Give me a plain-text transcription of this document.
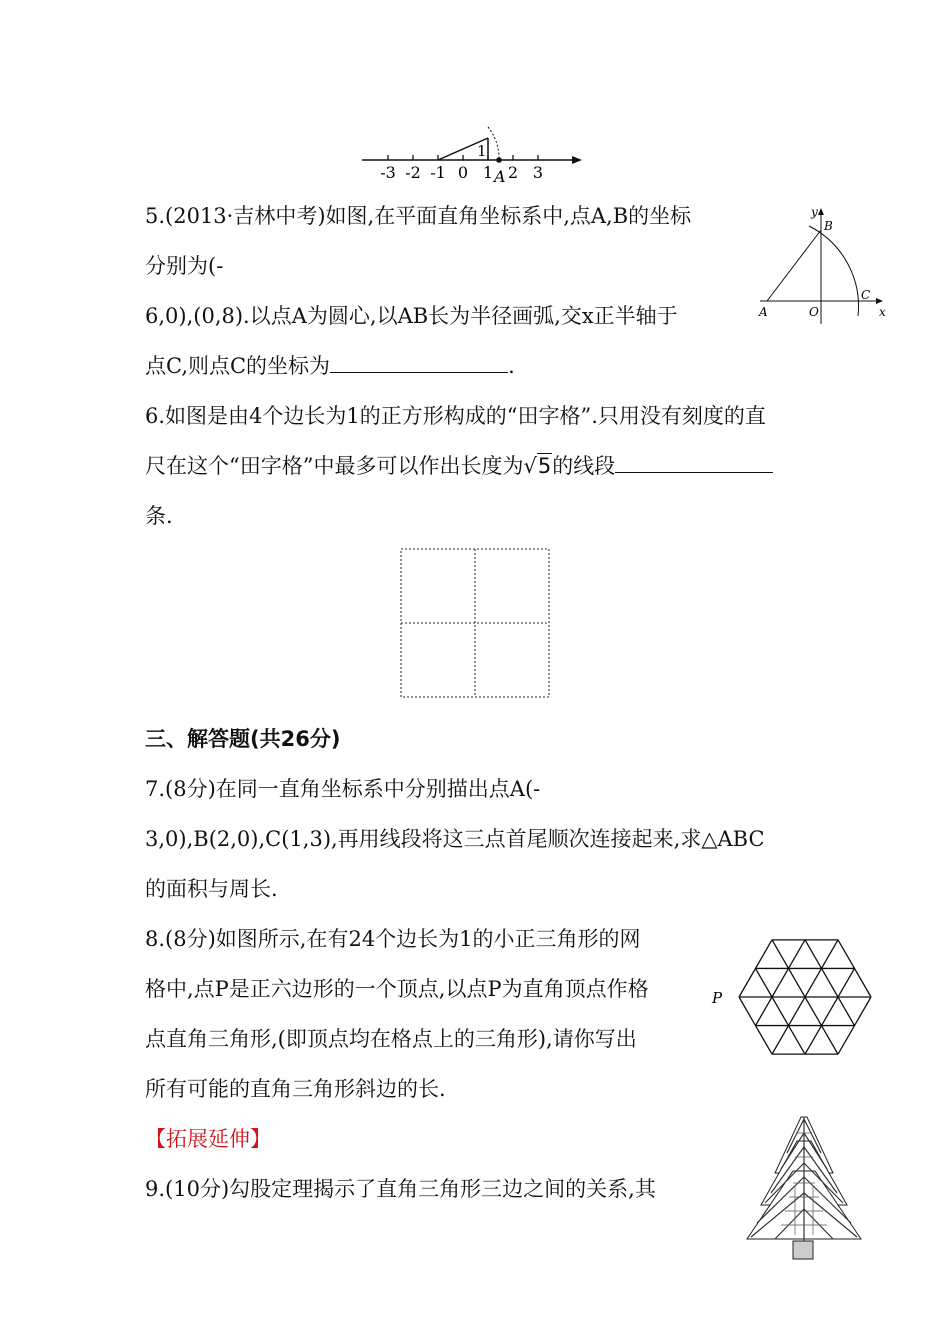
-3 -2 -1 0 1 2 3
1
A
5.(2013·吉林中考)如图,在平面直角坐标系中,点A,B的坐标
分别为(-
6,0),(0,8).以点A为圆心,以AB长为半径画弧,交x正半轴于
点C,则点C的坐标为	.
y
B
C
A	O	x
6.如图是由4个边长为1的正方形构成的“田字格”.只用没有刻度的直
尺在这个“田字格”中最多可以作出长度为√5的线段
条.
三、解答题(共26分)
7.(8分)在同一直角坐标系中分别描出点A(-
3,0),B(2,0),C(1,3),再用线段将这三点首尾顺次连接起来,求△ABC
的面积与周长.
8.(8分)如图所示,在有24个边长为1的小正三角形的网
格中,点P是正六边形的一个顶点,以点P为直角顶点作格
点直角三角形,(即顶点均在格点上的三角形),请你写出
所有可能的直角三角形斜边的长.
P
【拓展延伸】
9.(10分)勾股定理揭示了直角三角形三边之间的关系,其
